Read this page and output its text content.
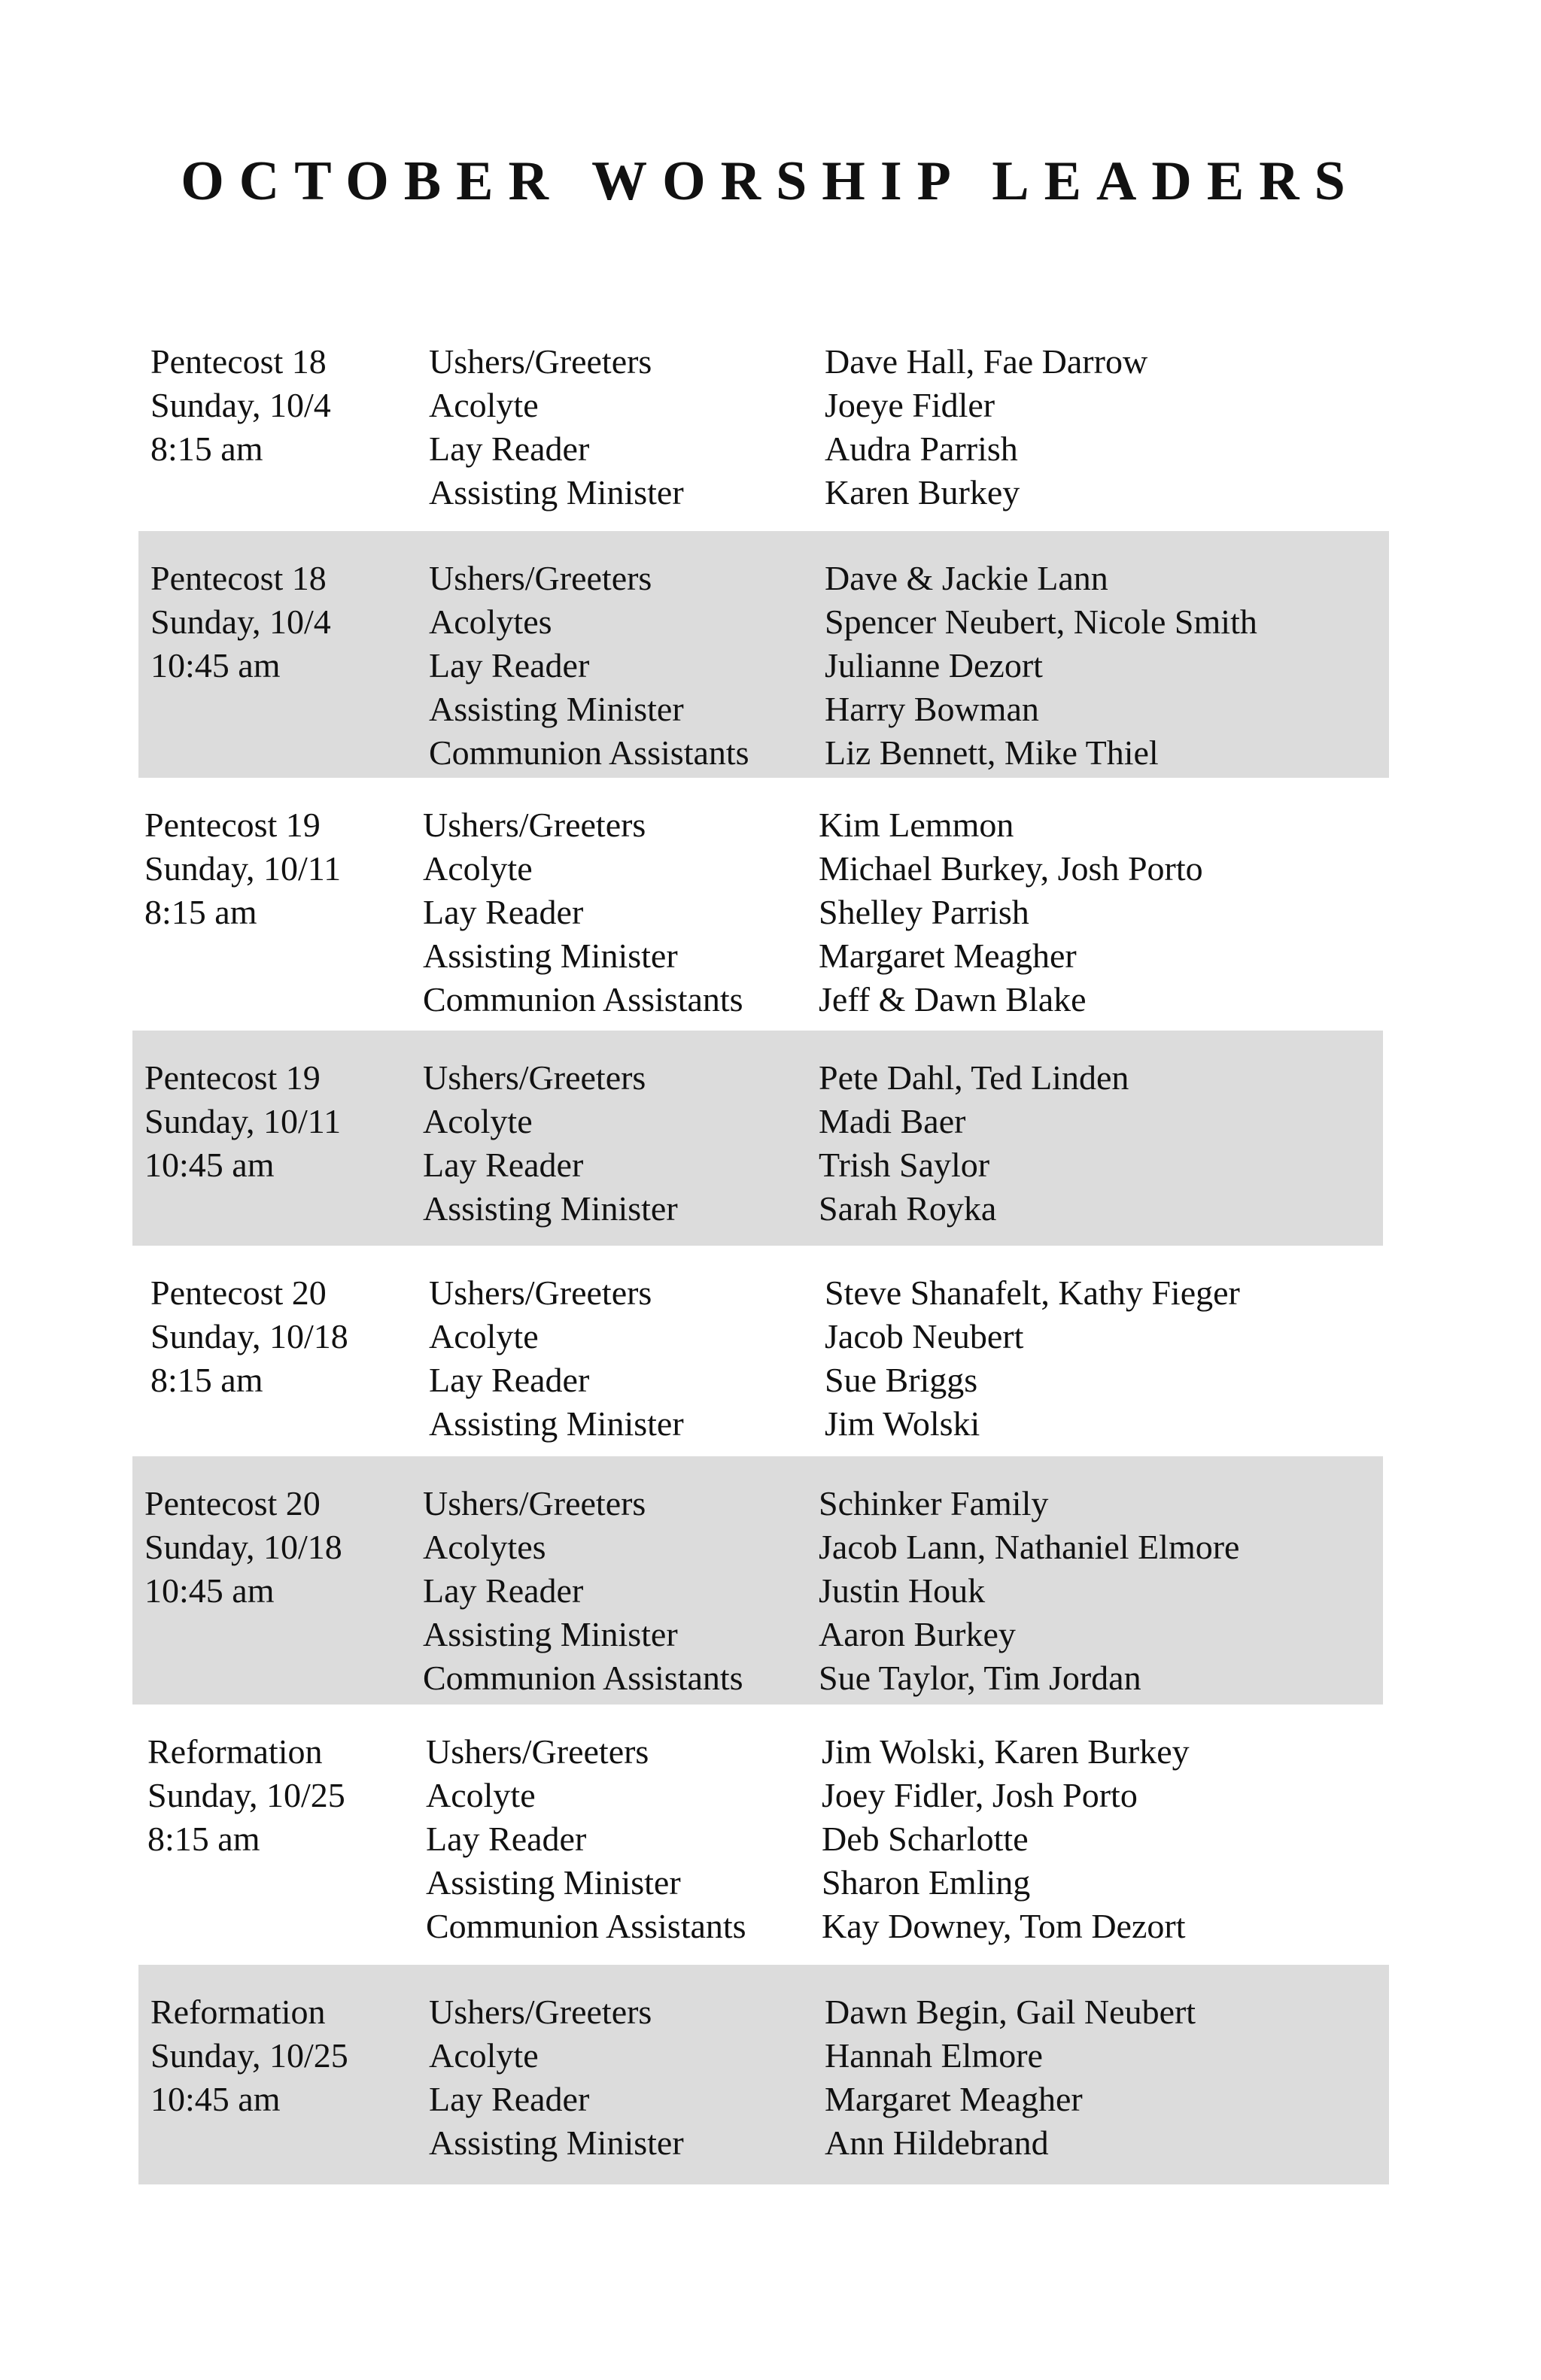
OCTOBER WORSHIP LEADERS
Pentecost 18
Sunday, 10/4
8:15 am
Ushers/Greeters
Acolyte
Lay Reader
Assisting Minister
Dave Hall, Fae Darrow
Joeye Fidler
Audra Parrish
Karen Burkey
Pentecost 18
Sunday, 10/4
10:45 am
Ushers/Greeters
Acolytes
Lay Reader
Assisting Minister
Communion Assistants
Dave & Jackie Lann
Spencer Neubert, Nicole Smith
Julianne Dezort
Harry Bowman
Liz Bennett, Mike Thiel
Pentecost 19
Sunday, 10/11
8:15 am
Ushers/Greeters
Acolyte
Lay Reader
Assisting Minister
Communion Assistants
Kim Lemmon
Michael Burkey, Josh Porto
Shelley Parrish
Margaret Meagher
Jeff & Dawn Blake
Pentecost 19
Sunday, 10/11
10:45 am
Ushers/Greeters
Acolyte
Lay Reader
Assisting Minister
Pete Dahl, Ted Linden
Madi Baer
Trish Saylor
Sarah Royka
Pentecost 20
Sunday, 10/18
8:15 am
Ushers/Greeters
Acolyte
Lay Reader
Assisting Minister
Steve Shanafelt, Kathy Fieger
Jacob Neubert
Sue Briggs
Jim Wolski
Pentecost 20
Sunday, 10/18
10:45 am
Ushers/Greeters
Acolytes
Lay Reader
Assisting Minister
Communion Assistants
Schinker Family
Jacob Lann, Nathaniel Elmore
Justin Houk
Aaron Burkey
Sue Taylor, Tim Jordan
Reformation
Sunday, 10/25
8:15 am
Ushers/Greeters
Acolyte
Lay Reader
Assisting Minister
Communion Assistants
Jim Wolski, Karen Burkey
Joey Fidler, Josh Porto
Deb Scharlotte
Sharon Emling
Kay Downey, Tom Dezort
Reformation
Sunday, 10/25
10:45 am
Ushers/Greeters
Acolyte
Lay Reader
Assisting Minister
Dawn Begin, Gail Neubert
Hannah Elmore
Margaret Meagher
Ann Hildebrand
